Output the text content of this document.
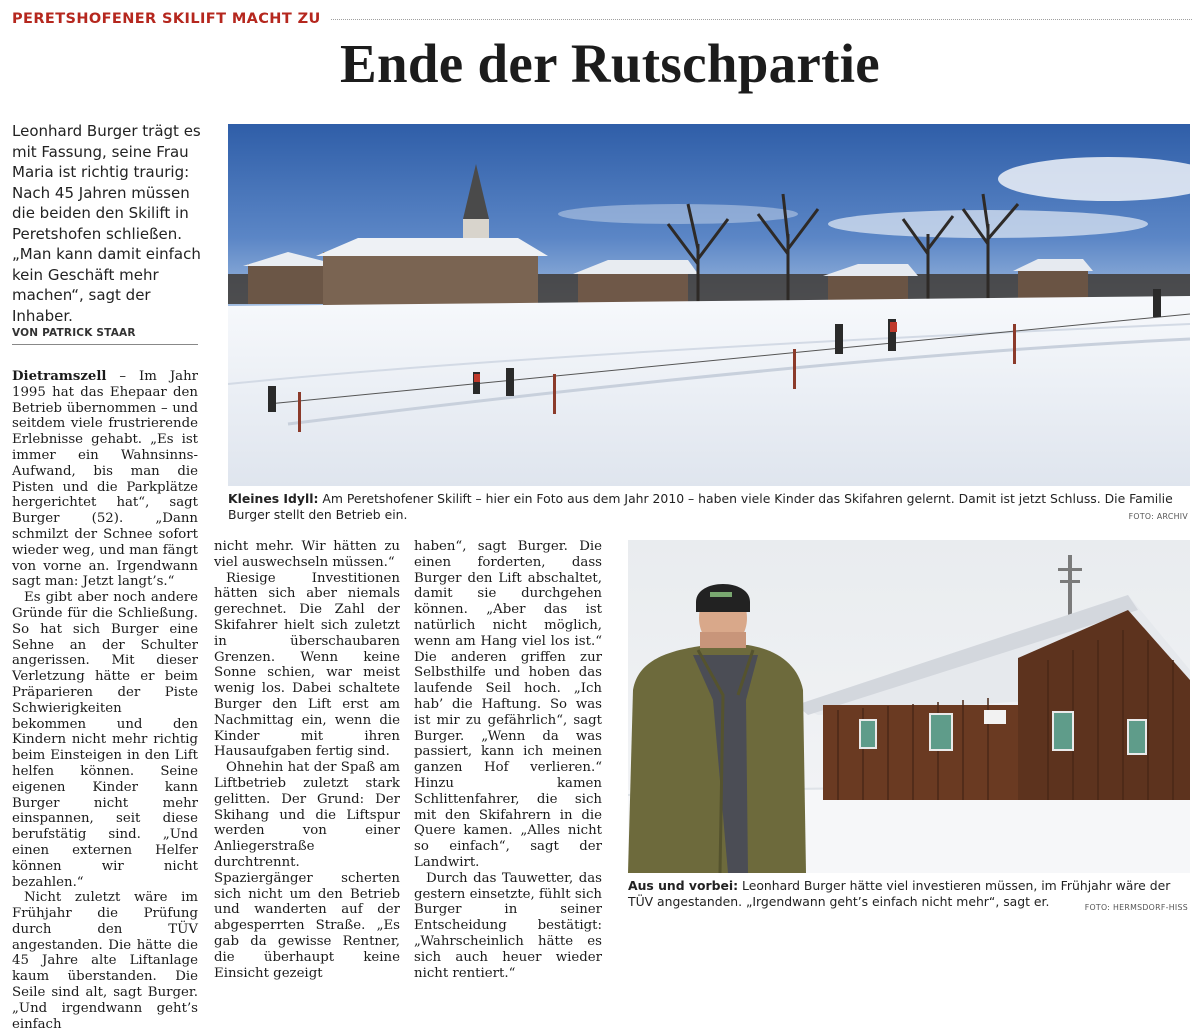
PERETSHOFENER SKILIFT MACHT ZU
Ende der Rutschpartie
Leonhard Burger trägt es mit Fassung, seine Frau Maria ist richtig traurig: Nach 45 Jahren müssen die beiden den Skilift in Peretshofen schließen. „Man kann damit einfach kein Geschäft mehr machen“, sagt der Inhaber.
VON PATRICK STAAR

Dietramszell – Im Jahr 1995 hat das Ehepaar den Betrieb übernommen – und seitdem viele frustrierende Erlebnisse gehabt. „Es ist immer ein Wahnsinns-Aufwand, bis man die Pisten und die Parkplätze hergerichtet hat“, sagt Burger (52). „Dann schmilzt der Schnee sofort wieder weg, und man fängt von vorne an. Irgendwann sagt man: Jetzt langt’s.“

Es gibt aber noch andere Gründe für die Schließung. So hat sich Burger eine Sehne an der Schulter angerissen. Mit dieser Verletzung hätte er beim Präparieren der Piste Schwierigkeiten bekommen und den Kindern nicht mehr richtig beim Einsteigen in den Lift helfen können. Seine eigenen Kinder kann Burger nicht mehr einspannen, seit diese berufstätig sind. „Und einen externen Helfer können wir nicht bezahlen.“

Nicht zuletzt wäre im Frühjahr die Prüfung durch den TÜV angestanden. Die hätte die 45 Jahre alte Liftanlage kaum überstanden. Die Seile sind alt, sagt Burger. „Und irgendwann geht’s einfach

nicht mehr. Wir hätten zu viel auswechseln müssen.“

Riesige Investitionen hätten sich aber niemals gerechnet. Die Zahl der Skifahrer hielt sich zuletzt in überschaubaren Grenzen. Wenn keine Sonne schien, war meist wenig los. Dabei schaltete Burger den Lift erst am Nachmittag ein, wenn die Kinder mit ihren Hausaufgaben fertig sind.

Ohnehin hat der Spaß am Liftbetrieb zuletzt stark gelitten. Der Grund: Der Skihang und die Liftspur werden von einer Anliegerstraße durchtrennt. Spaziergänger scherten sich nicht um den Betrieb und wanderten auf der abgesperrten Straße. „Es gab da gewisse Rentner, die überhaupt keine Einsicht gezeigt

haben“, sagt Burger. Die einen forderten, dass Burger den Lift abschaltet, damit sie durchgehen können. „Aber das ist natürlich nicht möglich, wenn am Hang viel los ist.“ Die anderen griffen zur Selbsthilfe und hoben das laufende Seil hoch. „Ich hab’ die Haftung. So was ist mir zu gefährlich“, sagt Burger. „Wenn da was passiert, kann ich meinen ganzen Hof verlieren.“ Hinzu kamen Schlittenfahrer, die sich mit den Skifahrern in die Quere kamen. „Alles nicht so einfach“, sagt der Landwirt.

Durch das Tauwetter, das gestern einsetzte, fühlt sich Burger in seiner Entscheidung bestätigt: „Wahrscheinlich hätte es sich auch heuer wieder nicht rentiert.“

Kleines Idyll: Am Peretshofener Skilift – hier ein Foto aus dem Jahr 2010 – haben viele Kinder das Skifahren gelernt. Damit ist jetzt Schluss. Die Familie Burger stellt den Betrieb ein.	FOTO: ARCHIV
Aus und vorbei: Leonhard Burger hätte viel investieren müssen, im Frühjahr wäre der TÜV angestanden. „Irgendwann geht’s einfach nicht mehr“, sagt er.	FOTO: HERMSDORF-HISS
